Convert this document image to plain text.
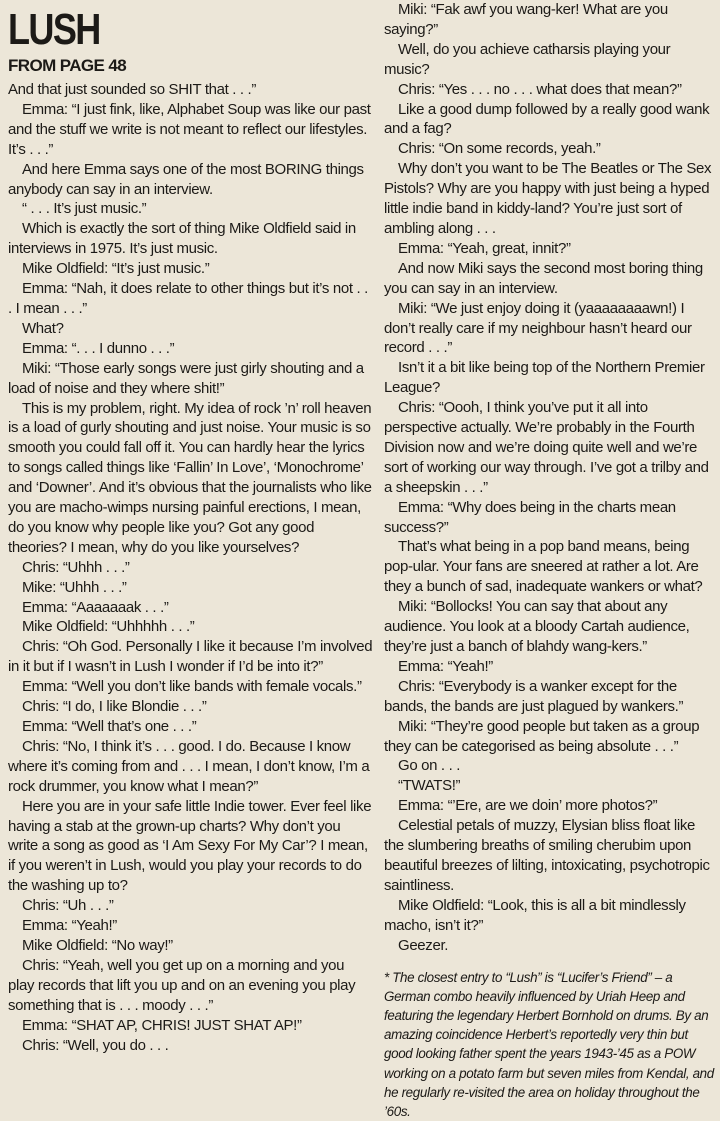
LUSH
FROM PAGE 48

And that just sounded so SHIT that . . .”

Emma: “I just fink, like, Alphabet Soup was like our past and the stuff we write is not meant to reflect our lifestyles. It’s . . .”

And here Emma says one of the most BORING things anybody can say in an interview.

“ . . . It’s just music.”

Which is exactly the sort of thing Mike Oldfield said in interviews in 1975. It’s just music.

Mike Oldfield: “It’s just music.”

Emma: “Nah, it does relate to other things but it’s not . . . I mean . . .”

What?

Emma: “. . . I dunno . . .”

Miki: “Those early songs were just girly shouting and a load of noise and they where shit!”

This is my problem, right. My idea of rock ’n’ roll heaven is a load of gurly shouting and just noise. Your music is so smooth you could fall off it. You can hardly hear the lyrics to songs called things like ‘Fallin’ In Love’, ‘Monochrome’ and ‘Downer’. And it’s obvious that the journalists who like you are macho-wimps nursing painful erections, I mean, do you know why people like you? Got any good theories? I mean, why do you like yourselves?

Chris: “Uhhh . . .”

Mike: “Uhhh . . .”

Emma: “Aaaaaaak . . .”

Mike Oldfield: “Uhhhhh . . .”

Chris: “Oh God. Personally I like it because I’m involved in it but if I wasn’t in Lush I wonder if I’d be into it?”

Emma: “Well you don’t like bands with female vocals.”

Chris: “I do, I like Blondie . . .”

Emma: “Well that’s one . . .”

Chris: “No, I think it’s . . . good. I do. Because I know where it’s coming from and . . . I mean, I don’t know, I’m a rock drummer, you know what I mean?”

Here you are in your safe little Indie tower. Ever feel like having a stab at the grown-up charts? Why don’t you write a song as good as ‘I Am Sexy For My Car’? I mean, if you weren’t in Lush, would you play your records to do the washing up to?

Chris: “Uh . . .”

Emma: “Yeah!”

Mike Oldfield: “No way!”

Chris: “Yeah, well you get up on a morning and you play records that lift you up and on an evening you play something that is . . . moody . . .”

Emma: “SHAT AP, CHRIS! JUST SHAT AP!”

Chris: “Well, you do . . .

Miki: “Fak awf you wang-ker! What are you saying?”

Well, do you achieve catharsis playing your music?

Chris: “Yes . . . no . . . what does that mean?”

Like a good dump followed by a really good wank and a fag?

Chris: “On some records, yeah.”

Why don’t you want to be The Beatles or The Sex Pistols? Why are you happy with just being a hyped little indie band in kiddy-land? You’re just sort of ambling along . . .

Emma: “Yeah, great, innit?”

And now Miki says the second most boring thing you can say in an interview.

Miki: “We just enjoy doing it (yaaaaaaaawn!) I don’t really care if my neighbour hasn’t heard our record . . .”

Isn’t it a bit like being top of the Northern Premier League?

Chris: “Oooh, I think you’ve put it all into perspective actually. We’re probably in the Fourth Division now and we’re doing quite well and we’re sort of working our way through. I’ve got a trilby and a sheepskin . . .”

Emma: “Why does being in the charts mean success?”

That’s what being in a pop band means, being pop-ular. Your fans are sneered at rather a lot. Are they a bunch of sad, inadequate wankers or what?

Miki: “Bollocks! You can say that about any audience. You look at a bloody Cartah audience, they’re just a banch of blahdy wang-kers.”

Emma: “Yeah!”

Chris: “Everybody is a wanker except for the bands, the bands are just plagued by wankers.”

Miki: “They’re good people but taken as a group they can be categorised as being absolute . . .”

Go on . . .

“TWATS!”

Emma: “’Ere, are we doin’ more photos?”

Celestial petals of muzzy, Elysian bliss float like the slumbering breaths of smiling cherubim upon beautiful breezes of lilting, intoxicating, psychotropic saintliness.

Mike Oldfield: “Look, this is all a bit mindlessly macho, isn’t it?”

Geezer.

* The closest entry to “Lush” is “Lucifer’s Friend” – a German combo heavily influenced by Uriah Heep and featuring the legendary Herbert Bornhold on drums. By an amazing coincidence Herbert’s reportedly very thin but good looking father spent the years 1943-’45 as a POW working on a potato farm but seven miles from Kendal, and he regularly re-visited the area on holiday throughout the ’60s.
